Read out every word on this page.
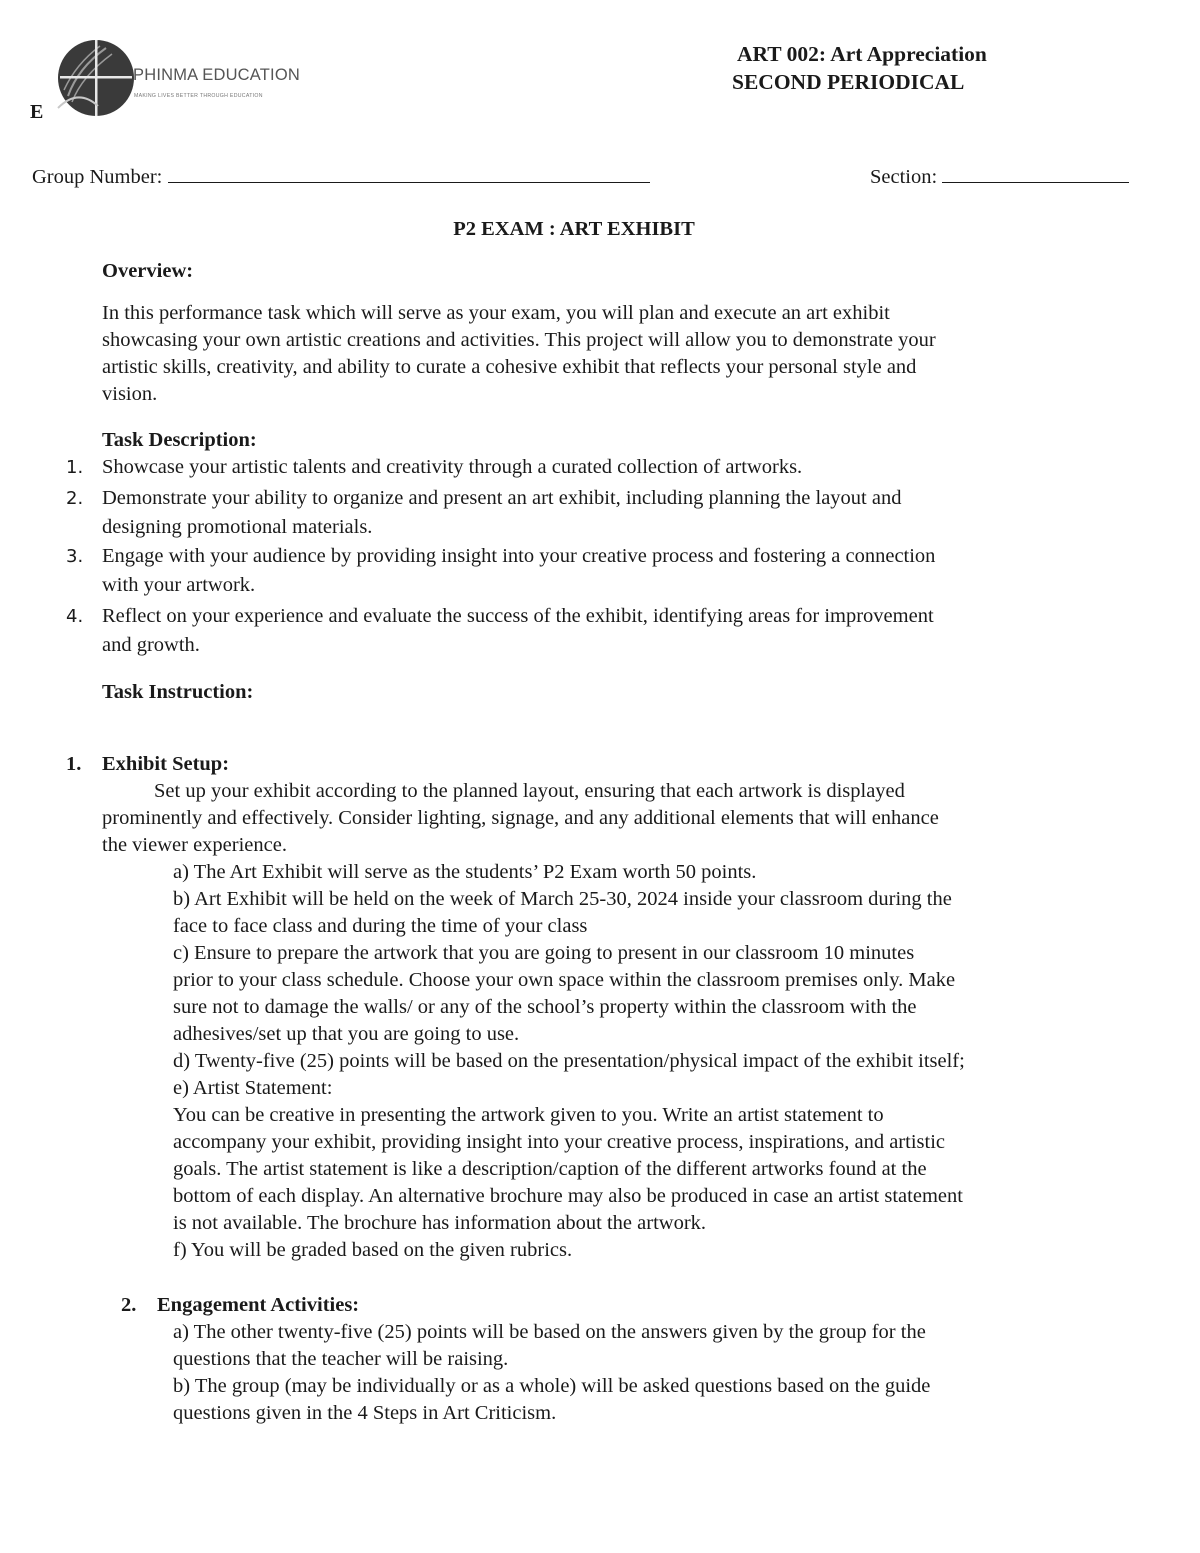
PHINMA EDUCATION
MAKING LIVES BETTER THROUGH EDUCATION
E
ART 002: Art Appreciation
SECOND PERIODICAL
Group Number:	Section:
P2 EXAM : ART EXHIBIT
Overview:
In this performance task which will serve as your exam, you will plan and execute an art exhibit
showcasing your own artistic creations and activities. This project will allow you to demonstrate your
artistic skills, creativity, and ability to curate a cohesive exhibit that reflects your personal style and
vision.
Task Description:
1. Showcase your artistic talents and creativity through a curated collection of artworks.
2. Demonstrate your ability to organize and present an art exhibit, including planning the layout and
designing promotional materials.
3. Engage with your audience by providing insight into your creative process and fostering a connection
with your artwork.
4. Reflect on your experience and evaluate the success of the exhibit, identifying areas for improvement
and growth.
Task Instruction:
1. Exhibit Setup:
Set up your exhibit according to the planned layout, ensuring that each artwork is displayed
prominently and effectively. Consider lighting, signage, and any additional elements that will enhance
the viewer experience.
a) The Art Exhibit will serve as the students’ P2 Exam worth 50 points.
b) Art Exhibit will be held on the week of March 25-30, 2024 inside your classroom during the
face to face class and during the time of your class
c) Ensure to prepare the artwork that you are going to present in our classroom 10 minutes
prior to your class schedule. Choose your own space within the classroom premises only. Make
sure not to damage the walls/ or any of the school’s property within the classroom with the
adhesives/set up that you are going to use.
d) Twenty-five (25) points will be based on the presentation/physical impact of the exhibit itself;
e) Artist Statement:
You can be creative in presenting the artwork given to you. Write an artist statement to
accompany your exhibit, providing insight into your creative process, inspirations, and artistic
goals. The artist statement is like a description/caption of the different artworks found at the
bottom of each display. An alternative brochure may also be produced in case an artist statement
is not available. The brochure has information about the artwork.
f) You will be graded based on the given rubrics.
2. Engagement Activities:
a) The other twenty-five (25) points will be based on the answers given by the group for the
questions that the teacher will be raising.
b) The group (may be individually or as a whole) will be asked questions based on the guide
questions given in the 4 Steps in Art Criticism.
